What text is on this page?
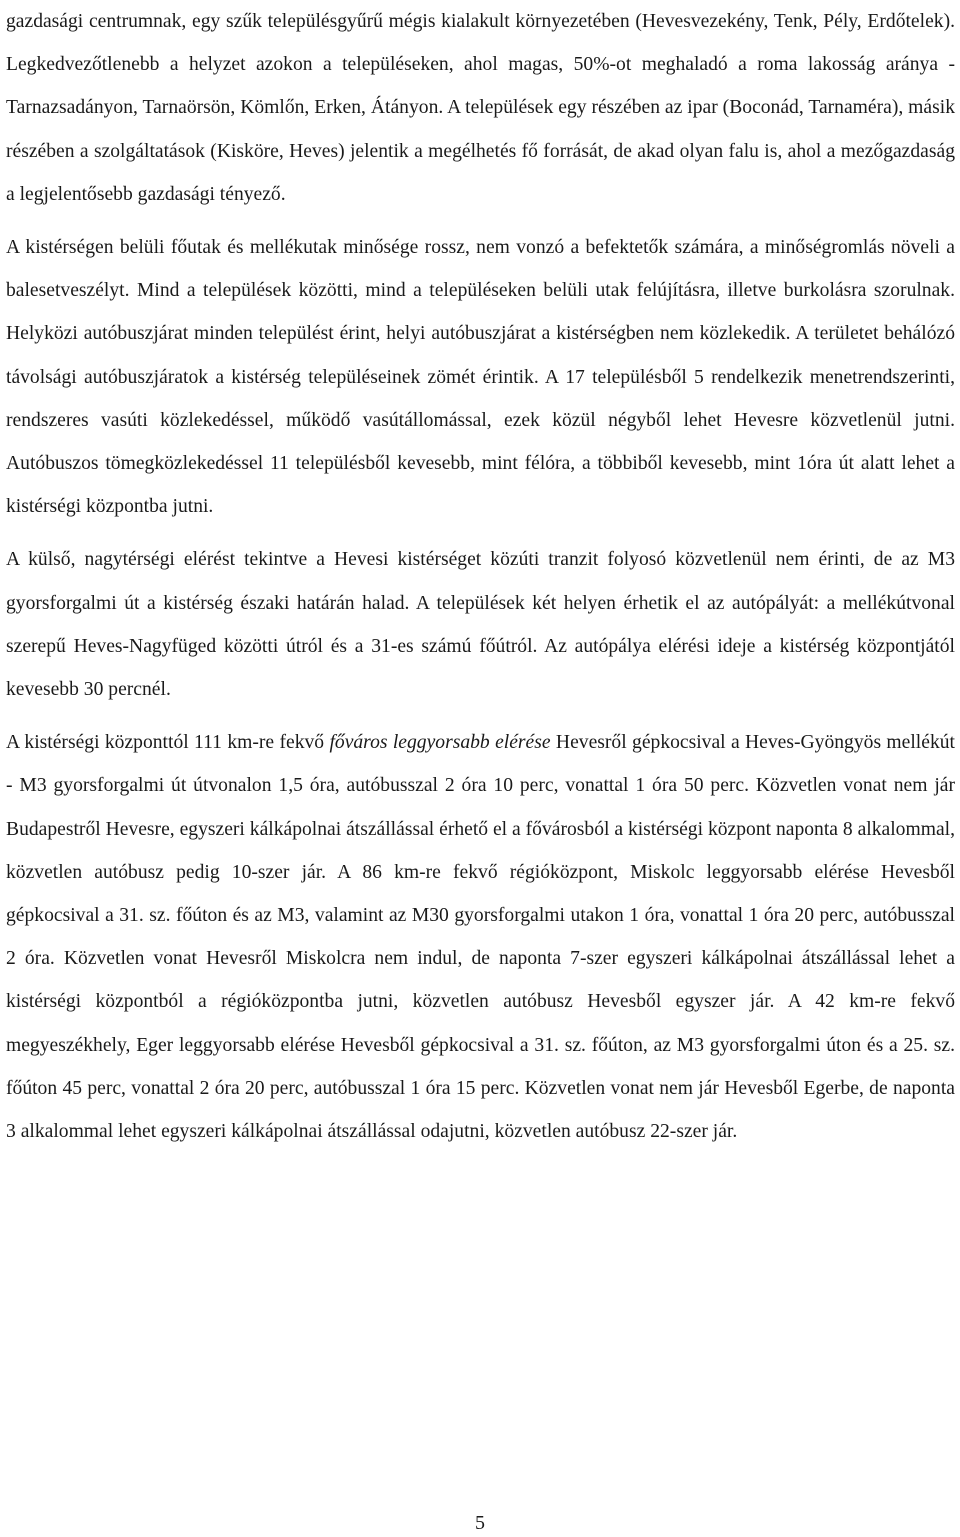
gazdasági centrumnak, egy szűk településgyűrű mégis kialakult környezetében (Hevesvezekény, Tenk, Pély, Erdőtelek). Legkedvezőtlenebb a helyzet azokon a településeken, ahol magas, 50%-ot meghaladó a roma lakosság aránya - Tarnazsadányon, Tarnaörsön, Kömlőn, Erken, Átányon. A települések egy részében az ipar (Boconád, Tarnaméra), másik részében a szolgáltatások (Kisköre, Heves) jelentik a megélhetés fő forrását, de akad olyan falu is, ahol a mezőgazdaság a legjelentősebb gazdasági tényező.

A kistérségen belüli főutak és mellékutak minősége rossz, nem vonzó a befektetők számára, a minőségromlás növeli a balesetveszélyt. Mind a települések közötti, mind a településeken belüli utak felújításra, illetve burkolásra szorulnak. Helyközi autóbuszjárat minden települést érint, helyi autóbuszjárat a kistérségben nem közlekedik. A területet behálózó távolsági autóbuszjáratok a kistérség településeinek zömét érintik. A 17 településből 5 rendelkezik menetrendszerinti, rendszeres vasúti közlekedéssel, működő vasútállomással, ezek közül négyből lehet Hevesre közvetlenül jutni. Autóbuszos tömegközlekedéssel 11 településből kevesebb, mint félóra, a többiből kevesebb, mint 1óra út alatt lehet a kistérségi központba jutni.

A külső, nagytérségi elérést tekintve a Hevesi kistérséget közúti tranzit folyosó közvetlenül nem érinti, de az M3 gyorsforgalmi út a kistérség északi határán halad. A települések két helyen érhetik el az autópályát: a mellékútvonal szerepű Heves-Nagyfüged közötti útról és a 31-es számú főútról. Az autópálya elérési ideje a kistérség központjától kevesebb 30 percnél.

A kistérségi központtól 111 km-re fekvő főváros leggyorsabb elérése Hevesről gépkocsival a Heves-Gyöngyös mellékút - M3 gyorsforgalmi út útvonalon 1,5 óra, autóbusszal 2 óra 10 perc, vonattal 1 óra 50 perc. Közvetlen vonat nem jár Budapestről Hevesre, egyszeri kálkápolnai átszállással érhető el a fővárosból a kistérségi központ naponta 8 alkalommal, közvetlen autóbusz pedig 10-szer jár. A 86 km-re fekvő régióközpont, Miskolc leggyorsabb elérése Hevesből gépkocsival a 31. sz. főúton és az M3, valamint az M30 gyorsforgalmi utakon 1 óra, vonattal 1 óra 20 perc, autóbusszal 2 óra. Közvetlen vonat Hevesről Miskolcra nem indul, de naponta 7-szer egyszeri kálkápolnai átszállással lehet a kistérségi központból a régióközpontba jutni, közvetlen autóbusz Hevesből egyszer jár. A 42 km-re fekvő megyeszékhely, Eger leggyorsabb elérése Hevesből gépkocsival a 31. sz. főúton, az M3 gyorsforgalmi úton és a 25. sz. főúton 45 perc, vonattal 2 óra 20 perc, autóbusszal 1 óra 15 perc. Közvetlen vonat nem jár Hevesből Egerbe, de naponta 3 alkalommal lehet egyszeri kálkápolnai átszállással odajutni, közvetlen autóbusz 22-szer jár.

5
